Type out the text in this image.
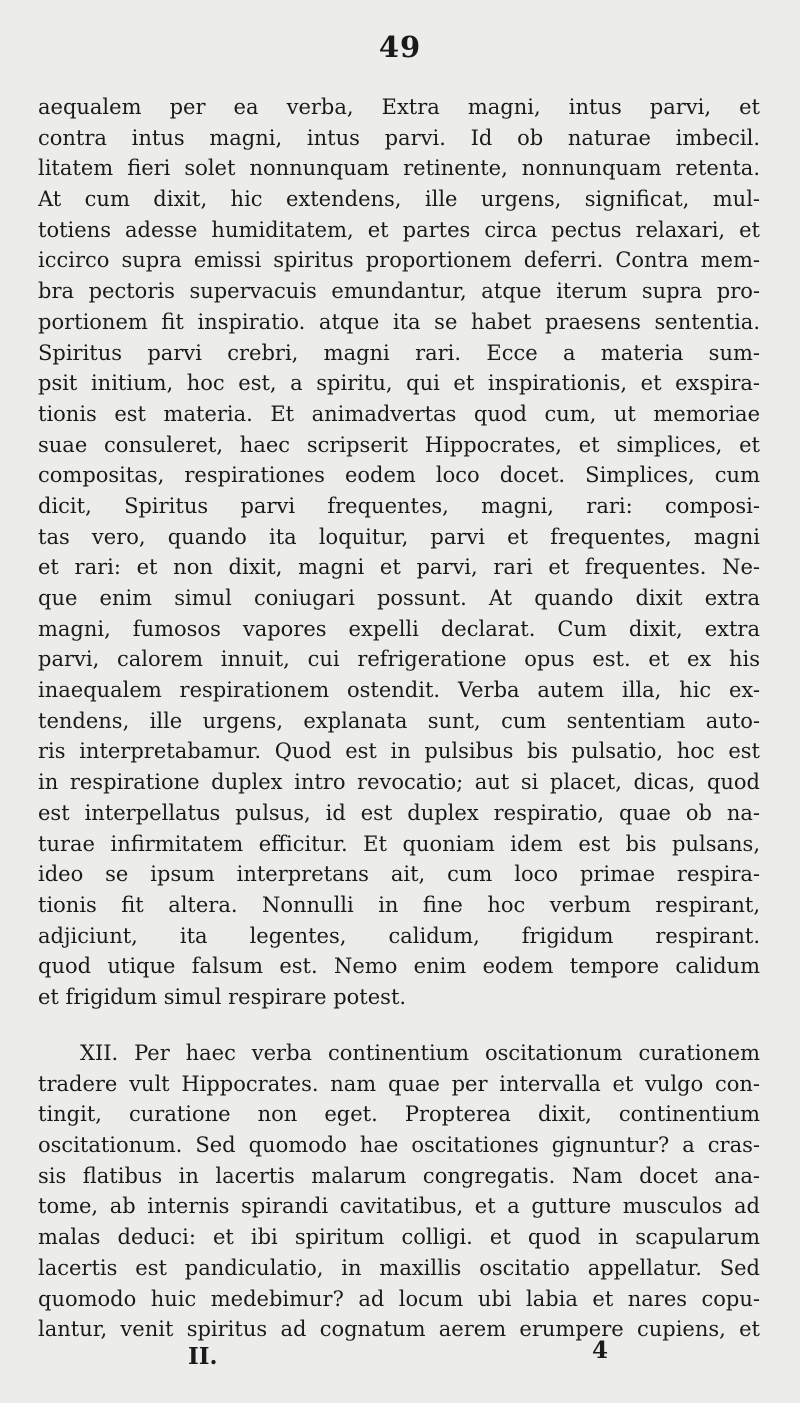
49
aequalem per ea verba, Extra magni, intus parvi, et
contra intus magni, intus parvi. Id ob naturae imbecil.
litatem fieri solet nonnunquam retinente, nonnunquam retenta.
At cum dixit, hic extendens, ille urgens, significat, mul-
totiens adesse humiditatem, et partes circa pectus relaxari, et
iccirco supra emissi spiritus proportionem deferri. Contra mem-
bra pectoris supervacuis emundantur, atque iterum supra pro-
portionem fit inspiratio. atque ita se habet praesens sententia.
Spiritus parvi crebri, magni rari. Ecce a materia sum-
psit initium, hoc est, a spiritu, qui et inspirationis, et exspira-
tionis est materia. Et animadvertas quod cum, ut memoriae
suae consuleret, haec scripserit Hippocrates, et simplices, et
compositas, respirationes eodem loco docet. Simplices, cum
dicit, Spiritus parvi frequentes, magni, rari: composi-
tas vero, quando ita loquitur, parvi et frequentes, magni
et rari: et non dixit, magni et parvi, rari et frequentes. Ne-
que enim simul coniugari possunt. At quando dixit extra
magni, fumosos vapores expelli declarat. Cum dixit, extra
parvi, calorem innuit, cui refrigeratione opus est. et ex his
inaequalem respirationem ostendit. Verba autem illa, hic ex-
tendens, ille urgens, explanata sunt, cum sententiam auto-
ris interpretabamur. Quod est in pulsibus bis pulsatio, hoc est
in respiratione duplex intro revocatio; aut si placet, dicas, quod
est interpellatus pulsus, id est duplex respiratio, quae ob na-
turae infirmitatem efficitur. Et quoniam idem est bis pulsans,
ideo se ipsum interpretans ait, cum loco primae respira-
tionis fit altera. Nonnulli in fine hoc verbum respirant,
adjiciunt, ita legentes, calidum, frigidum respirant.
quod utique falsum est. Nemo enim eodem tempore calidum
et frigidum simul respirare potest.
XII. Per haec verba continentium oscitationum curationem
tradere vult Hippocrates. nam quae per intervalla et vulgo con-
tingit, curatione non eget. Propterea dixit, continentium
oscitationum. Sed quomodo hae oscitationes gignuntur? a cras-
sis flatibus in lacertis malarum congregatis. Nam docet ana-
tome, ab internis spirandi cavitatibus, et a gutture musculos ad
malas deduci: et ibi spiritum colligi. et quod in scapularum
lacertis est pandiculatio, in maxillis oscitatio appellatur. Sed
quomodo huic medebimur? ad locum ubi labia et nares copu-
lantur, venit spiritus ad cognatum aerem erumpere cupiens, et
II.	4
